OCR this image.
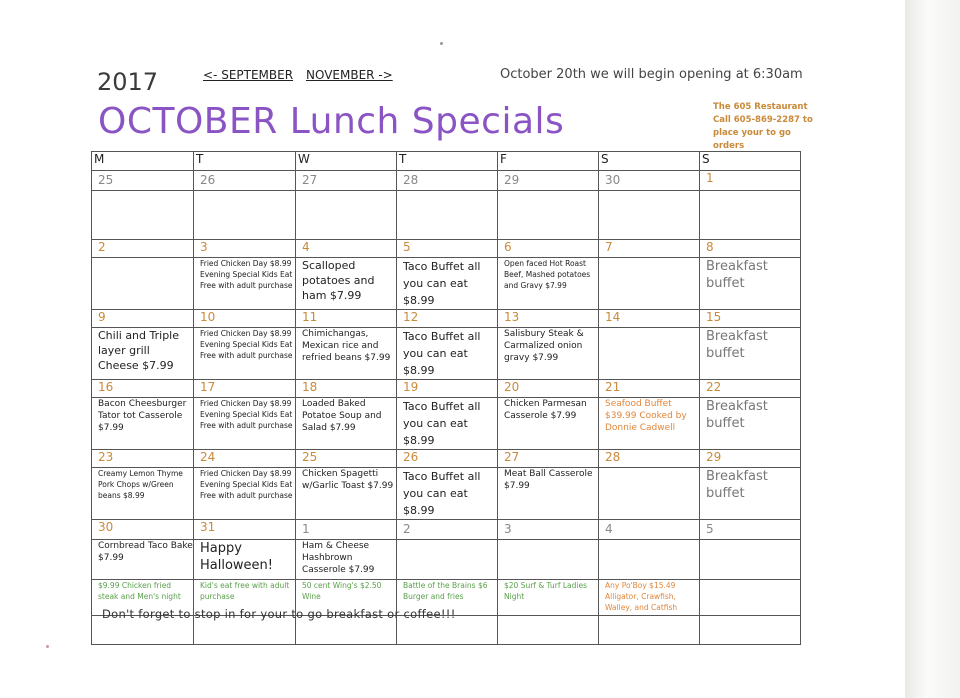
2017	<- SEPTEMBER NOVEMBER ->	October 20th we will begin opening at 6:30am
OCTOBER Lunch Specials	The 605 Restaurant Call 605-869-2287 to place your to go orders
M	T	W	T	F	S	S
25	26	27	28	29	30	1

2	3	4	5	6	7	8
	Fried Chicken Day $8.99 Evening Special Kids Eat Free with adult purchase	Scalloped potatoes and ham $7.99	Taco Buffet all you can eat $8.99	Open faced Hot Roast Beef, Mashed potatoes and Gravy $7.99		Breakfast buffet
9	10	11	12	13	14	15
Chili and Triple layer grill Cheese $7.99	Fried Chicken Day $8.99 Evening Special Kids Eat Free with adult purchase	Chimichangas, Mexican rice and refried beans $7.99	Taco Buffet all you can eat $8.99	Salisbury Steak & Carmalized onion gravy $7.99		Breakfast buffet
16	17	18	19	20	21	22
Bacon Cheesburger Tator tot Casserole $7.99	Fried Chicken Day $8.99 Evening Special Kids Eat Free with adult purchase	Loaded Baked Potatoe Soup and Salad $7.99	Taco Buffet all you can eat $8.99	Chicken Parmesan Casserole $7.99	Seafood Buffet $39.99 Cooked by Donnie Cadwell	Breakfast buffet
23	24	25	26	27	28	29
Creamy Lemon Thyme Pork Chops w/Green beans $8.99	Fried Chicken Day $8.99 Evening Special Kids Eat Free with adult purchase	Chicken Spagetti w/Garlic Toast $7.99	Taco Buffet all you can eat $8.99	Meat Ball Casserole $7.99		Breakfast buffet
30	31	1	2	3	4	5
Cornbread Taco Bake $7.99	Happy Halloween!	Ham & Cheese Hashbrown Casserole $7.99				
$9.99 Chicken fried steak and Men's night	Kid's eat free with adult purchase	50 cent Wing's $2.50 Wine	Battle of the Brains $6 Burger and fries	$20 Surf & Turf Ladies Night	Any Po'Boy $15.49 Alligator, Crawfish, Walley, and Catfish	

Don't forget to stop in for your to go breakfast or coffee!!!
